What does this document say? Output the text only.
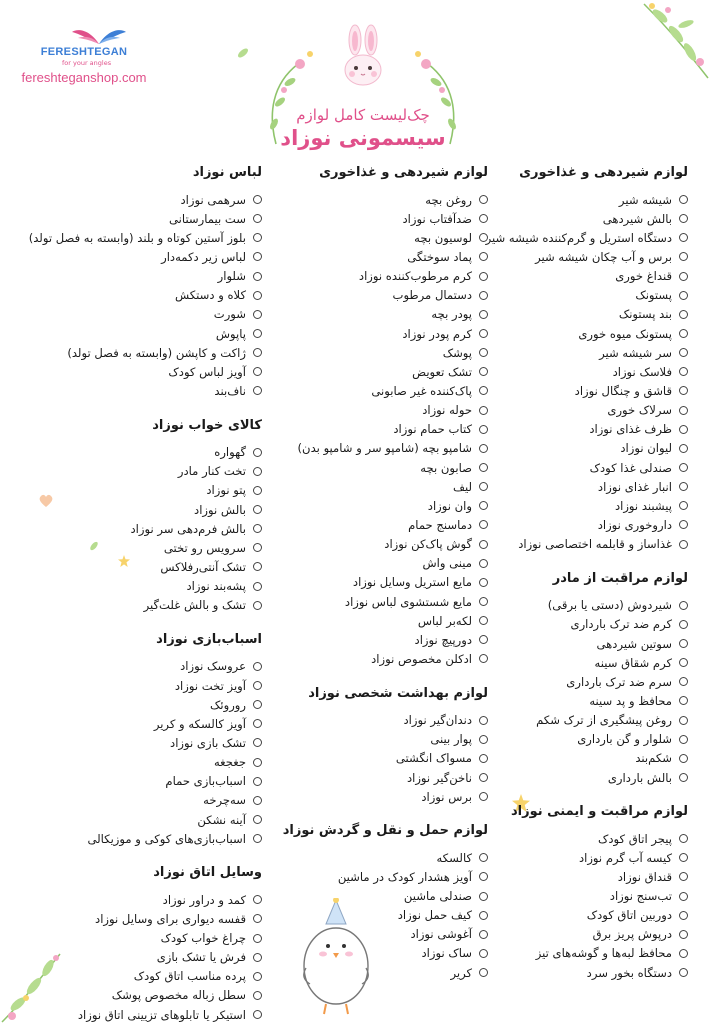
FERESHTEGAN
for your angles
fereshteganshop.com
چک‌لیست کامل لوازم
سیسمونی نوزاد
لوازم شیردهی و غذاخوری
شیشه شیر
بالش شیردهی
دستگاه استریل و گرم‌کننده شیشه شیر
برس و آب چکان شیشه شیر
قنداغ خوری
پستونک
بند پستونک
پستونک میوه خوری
سر شیشه شیر
فلاسک نوزاد
قاشق و چنگال نوزاد
سرلاک خوری
ظرف غذای نوزاد
لیوان نوزاد
صندلی غذا کودک
انبار غذای نوزاد
پیشبند نوزاد
داروخوری نوزاد
غذاساز و قابلمه اختصاصی نوزاد
لوازم مراقبت از مادر
شیردوش (دستی یا برقی)
کرم ضد ترک بارداری
سوتین شیردهی
کرم شقاق سینه
سرم ضد ترک بارداری
محافظ و پد سینه
روغن پیشگیری از ترک شکم
شلوار و گن بارداری
شکم‌بند
بالش بارداری
لوازم مراقبت و ایمنی نوزاد
پیجر اتاق کودک
کیسه آب گرم نوزاد
قنداق نوزاد
تب‌سنج نوزاد
دوربین اتاق کودک
درپوش پریز برق
محافظ لبه‌ها و گوشه‌های تیز
دستگاه بخور سرد
لوازم شیردهی و غذاخوری
روغن بچه
ضدآفتاب نوزاد
لوسیون بچه
پماد سوختگی
کرم مرطوب‌کننده نوزاد
دستمال مرطوب
پودر بچه
کرم پودر نوزاد
پوشک
تشک تعویض
پاک‌کننده غیر صابونی
حوله نوزاد
کتاب حمام نوزاد
شامپو بچه (شامپو سر و شامپو بدن)
صابون بچه
لیف
وان نوزاد
دماسنج حمام
گوش پاک‌کن نوزاد
مینی واش
مایع استریل وسایل نوزاد
مایع شستشوی لباس نوزاد
لکه‌بر لباس
دورپیچ نوزاد
ادکلن مخصوص نوزاد
لوازم بهداشت شخصی نوزاد
دندان‌گیر نوزاد
پوار بینی
مسواک انگشتی
ناخن‌گیر نوزاد
برس نوزاد
لوازم حمل و نقل و گردش نوزاد
کالسکه
آویز هشدار کودک در ماشین
صندلی ماشین
کیف حمل نوزاد
آغوشی نوزاد
ساک نوزاد
کریر
لباس نوزاد
سرهمی نوزاد
ست بیمارستانی
بلوز آستین کوتاه و بلند (وابسته به فصل تولد)
لباس زیر دکمه‌دار
شلوار
کلاه و دستکش
شورت
پاپوش
ژاکت و کاپشن (وابسته به فصل تولد)
آویز لباس کودک
ناف‌بند
کالای خواب نوزاد
گهواره
تخت کنار مادر
پتو نوزاد
بالش نوزاد
بالش فرم‌دهی سر نوزاد
سرویس رو تختی
تشک آنتی‌رفلاکس
پشه‌بند نوزاد
تشک و بالش غلت‌گیر
اسباب‌بازی نوزاد
عروسک نوزاد
آویز تخت نوزاد
روروئک
آویز کالسکه و کریر
تشک بازی نوزاد
جغجغه
اسباب‌بازی حمام
سه‌چرخه
آینه نشکن
اسباب‌بازی‌های کوکی و موزیکالی
وسایل اتاق نوزاد
کمد و دراور نوزاد
قفسه دیواری برای وسایل نوزاد
چراغ خواب کودک
فرش یا تشک بازی
پرده مناسب اتاق کودک
سطل زباله مخصوص پوشک
استیکر یا تابلوهای تزیینی اتاق نوزاد
